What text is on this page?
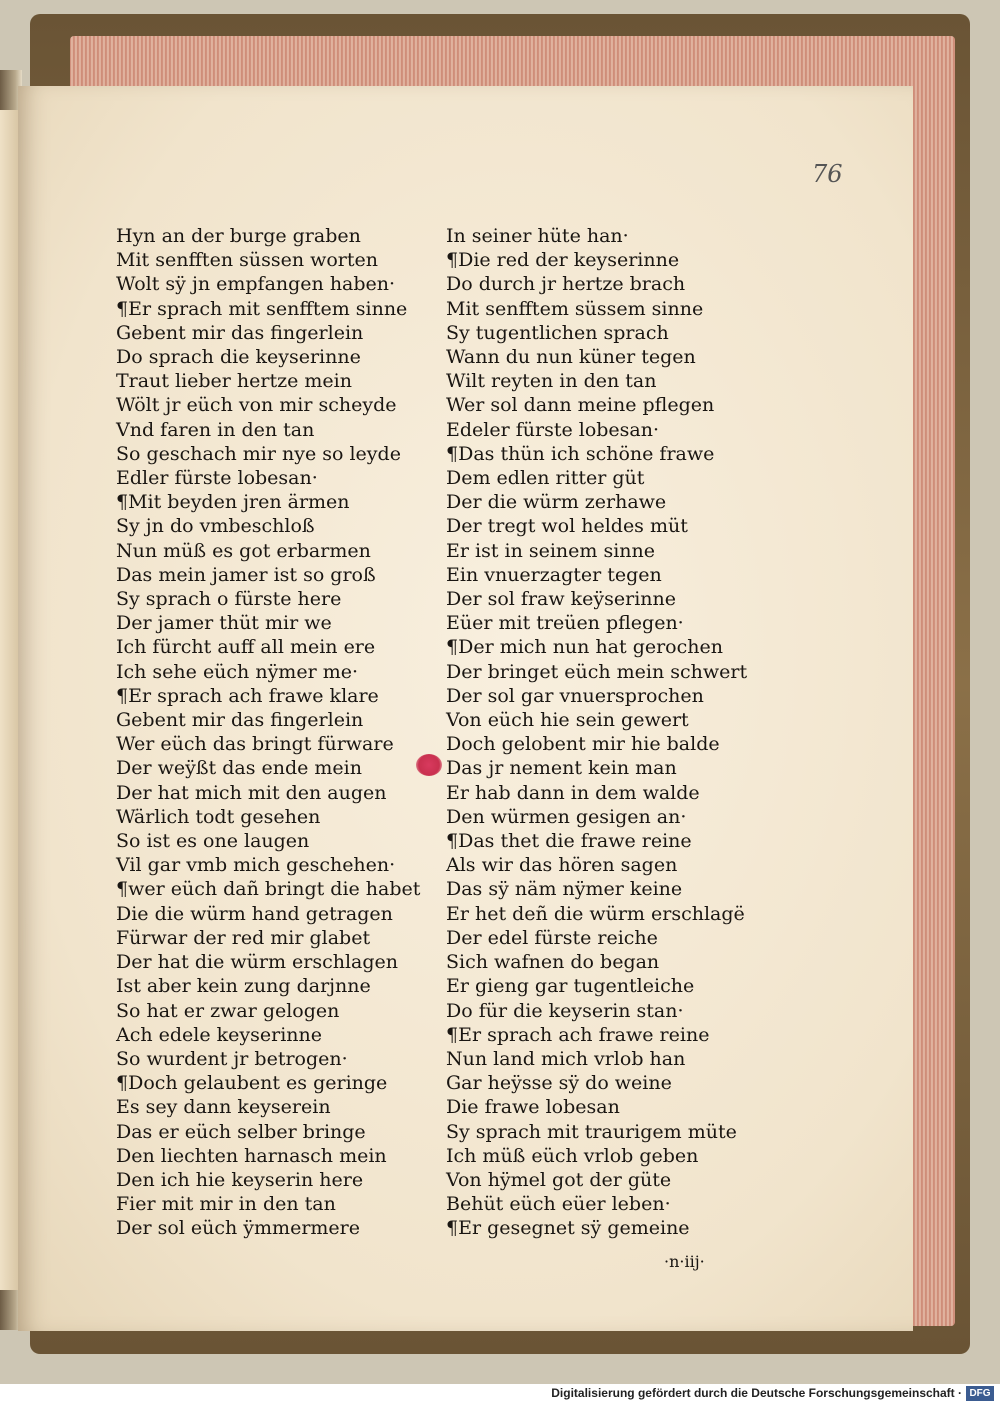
76
Hyn an der burge graben
Mit senfften süssen worten
Wolt sÿ jn empfangen haben·
¶Er sprach mit senfftem sinne
Gebent mir das fingerlein
Do sprach die keyserinne
Traut lieber hertze mein
Wölt jr eüch von mir scheyde
Vnd faren in den tan
So geschach mir nye so leyde
Edler fürste lobesan·
¶Mit beyden jren ärmen
Sy jn do vmbeschloß
Nun müß es got erbarmen
Das mein jamer ist so groß
Sy sprach o fürste here
Der jamer thüt mir we
Ich fürcht auff all mein ere
Ich sehe eüch nÿmer me·
¶Er sprach ach frawe klare
Gebent mir das fingerlein
Wer eüch das bringt fürware
Der weÿßt das ende mein
Der hat mich mit den augen
Wärlich todt gesehen
So ist es one laugen
Vil gar vmb mich geschehen·
¶wer eüch dañ bringt die habet
Die die würm hand getragen
Fürwar der red mir glabet
Der hat die würm erschlagen
Ist aber kein zung darjnne
So hat er zwar gelogen
Ach edele keyserinne
So wurdent jr betrogen·
¶Doch gelaubent es geringe
Es sey dann keyserein
Das er eüch selber bringe
Den liechten harnasch mein
Den ich hie keyserin here
Fier mit mir in den tan
Der sol eüch ÿmmermere
In seiner hüte han·
¶Die red der keyserinne
Do durch jr hertze brach
Mit senfftem süssem sinne
Sy tugentlichen sprach
Wann du nun küner tegen
Wilt reyten in den tan
Wer sol dann meine pflegen
Edeler fürste lobesan·
¶Das thün ich schöne frawe
Dem edlen ritter güt
Der die würm zerhawe
Der tregt wol heldes müt
Er ist in seinem sinne
Ein vnuerzagter tegen
Der sol fraw keÿserinne
Eüer mit treüen pflegen·
¶Der mich nun hat gerochen
Der bringet eüch mein schwert
Der sol gar vnuersprochen
Von eüch hie sein gewert
Doch gelobent mir hie balde
Das jr nement kein man
Er hab dann in dem walde
Den würmen gesigen an·
¶Das thet die frawe reine
Als wir das hören sagen
Das sÿ näm nÿmer keine
Er het deñ die würm erschlagë
Der edel fürste reiche
Sich wafnen do began
Er gieng gar tugentleiche
Do für die keyserin stan·
¶Er sprach ach frawe reine
Nun land mich vrlob han
Gar heÿsse sÿ do weine
Die frawe lobesan
Sy sprach mit traurigem müte
Ich müß eüch vrlob geben
Von hÿmel got der güte
Behüt eüch eüer leben·
¶Er gesegnet sÿ gemeine
·n·iij·
Digitalisierung gefördert durch die Deutsche Forschungsgemeinschaft · DFG
